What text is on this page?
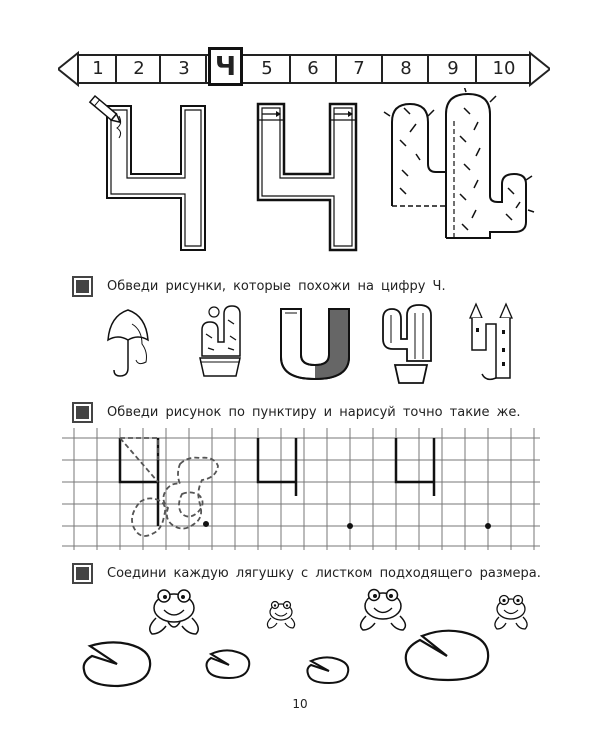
1	2	3 Ч	5	6	7	8	9	10
Обведи рисунки, которые похожи на цифру Ч.
Обведи рисунок по пунктиру и нарисуй точно такие же.
Соедини каждую лягушку с листком подходящего размера.
10
